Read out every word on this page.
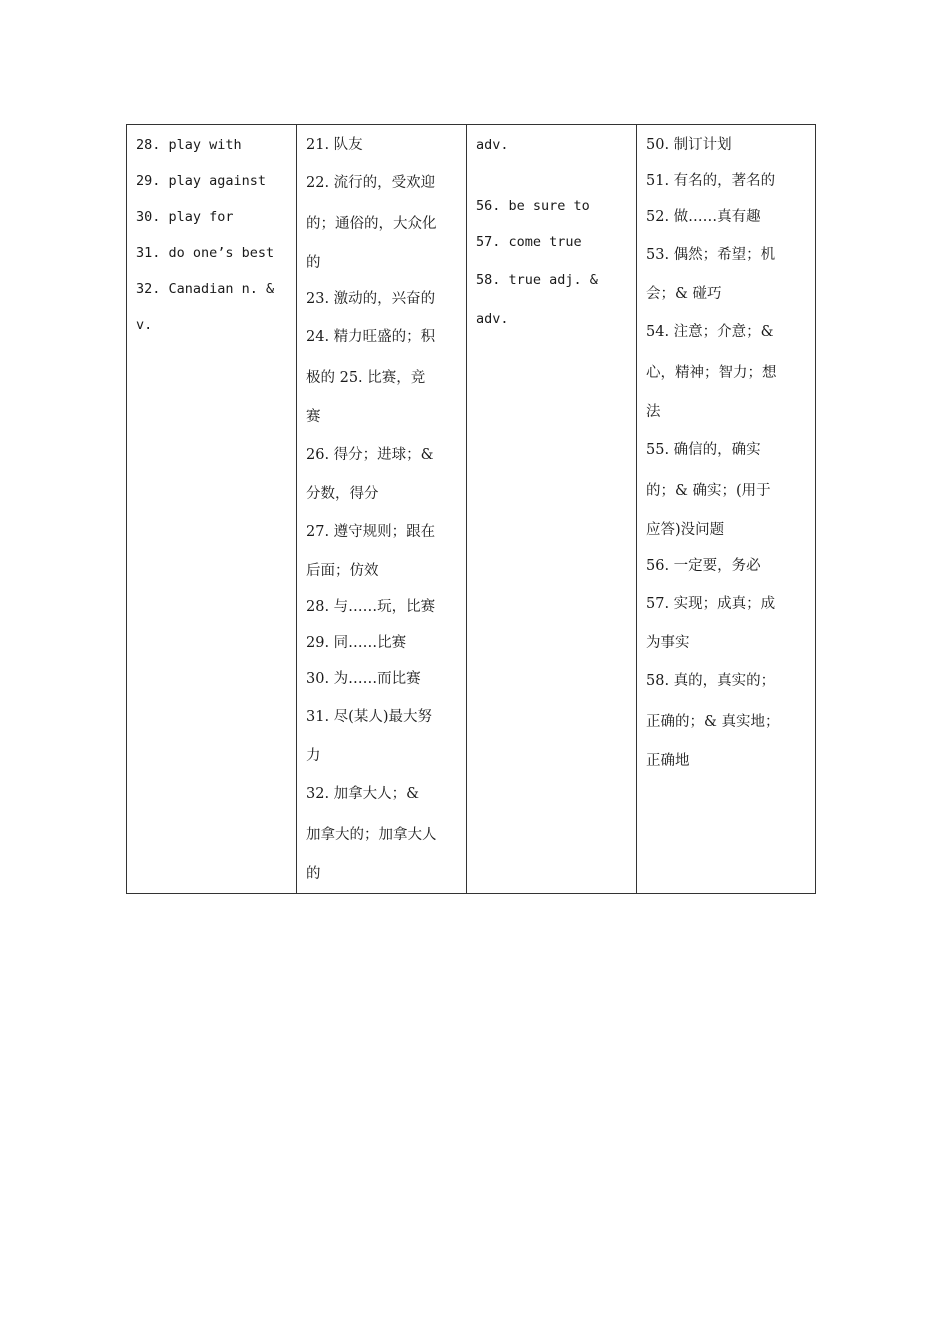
28. play with
29. play against
30. play for
31. do one’s best
32. Canadian n. &
v.

21. 队友
22. 流行的，受欢迎
的；通俗的，大众化
的
23. 激动的，兴奋的
24. 精力旺盛的；积
极的 25. 比赛，竞
赛
26. 得分；进球；&
分数，得分
27. 遵守规则；跟在
后面；仿效
28. 与……玩，比赛
29. 同……比赛
30. 为……而比赛
31. 尽(某人)最大努
力
32. 加拿大人；&
加拿大的；加拿大人
的

adv.
56. be sure to
57. come true
58. true adj. &
adv.

50. 制订计划
51. 有名的，著名的
52. 做……真有趣
53. 偶然；希望；机
会；& 碰巧
54. 注意；介意；&
心，精神；智力；想
法
55. 确信的，确实
的；& 确实；(用于
应答)没问题
56. 一定要，务必
57. 实现；成真；成
为事实
58. 真的，真实的；
正确的；& 真实地；
正确地
